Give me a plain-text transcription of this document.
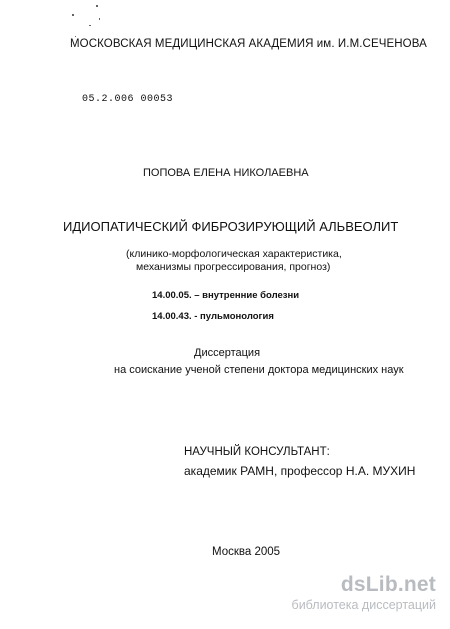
МОСКОВСКАЯ МЕДИЦИНСКАЯ АКАДЕМИЯ им. И.М.СЕЧЕНОВА
05.2.006 00053
ПОПОВА ЕЛЕНА НИКОЛАЕВНА
ИДИОПАТИЧЕСКИЙ ФИБРОЗИРУЮЩИЙ АЛЬВЕОЛИТ
(клинико-морфологическая характеристика,
механизмы прогрессирования, прогноз)
14.00.05. – внутренние болезни
14.00.43. - пульмонология
Диссертация
на соискание ученой степени доктора медицинских наук
НАУЧНЫЙ КОНСУЛЬТАНТ:
академик РАМН, профессор Н.А. МУХИН
Москва 2005
dsLib.net
библиотека диссертаций
